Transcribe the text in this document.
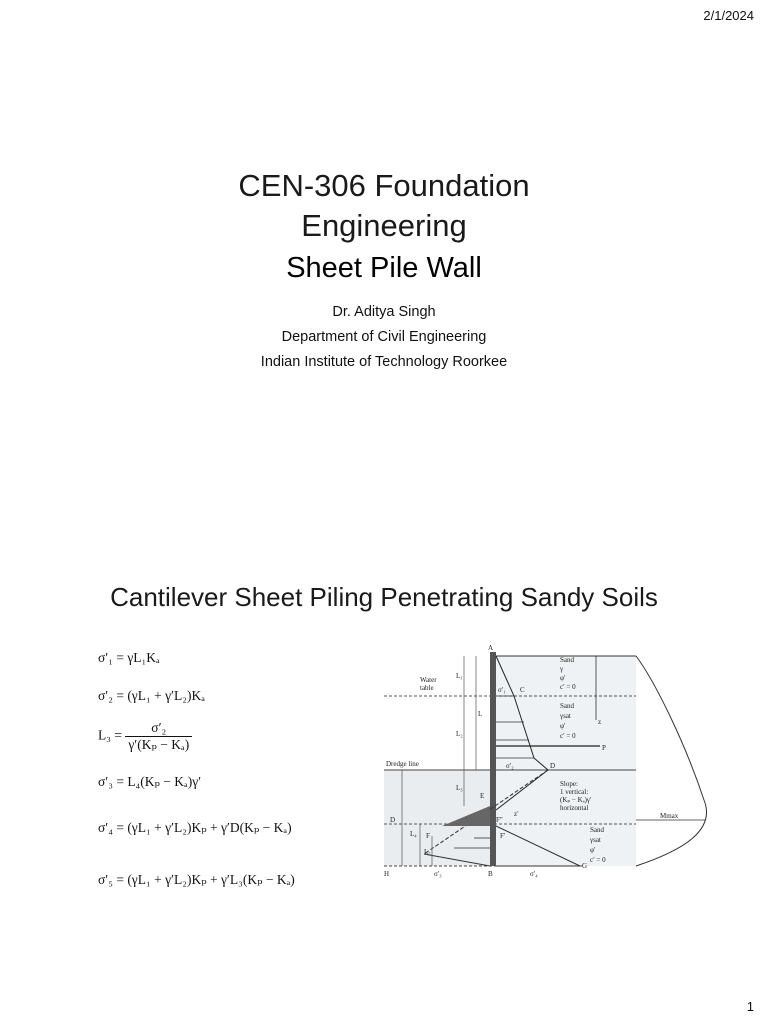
2/1/2024
CEN-306 Foundation
Engineering
Sheet Pile Wall
Dr. Aditya Singh
Department of Civil Engineering
Indian Institute of Technology Roorkee
Cantilever Sheet Piling Penetrating Sandy Soils
σ′₁ = γL₁Kₐ
σ′₂ = (γL₁ + γ′L₂)Kₐ
$L_3 = \frac{\text{σ′₂}}{\text{γ′(Kₚ − Kₐ)}}$
σ′₃ = L₄(Kₚ − Kₐ)γ′
σ′₄ = (γL₁ + γ′L₂)Kₚ + γ′D(Kₚ − Kₐ)
σ′₅ = (γL₁ + γ′L₂)Kₚ + γ′L₃(Kₚ − Kₐ)
A
B
C
D
E
F
G
H
F′
F″
Water
table
Dredge line
Sand
γ
φ′
c′ = 0
Sand
γsat
φ′
c′ = 0
Sand
γsat
φ′
c′ = 0
Slope:
1 vertical:
(Kₚ − Kₐ)γ′
horizontal
L₁
L
L₂
L₃
L₄
L₅
D
σ′₁
σ′₂
σ′₃	σ′₄
z
z′
P
Mmax
1
